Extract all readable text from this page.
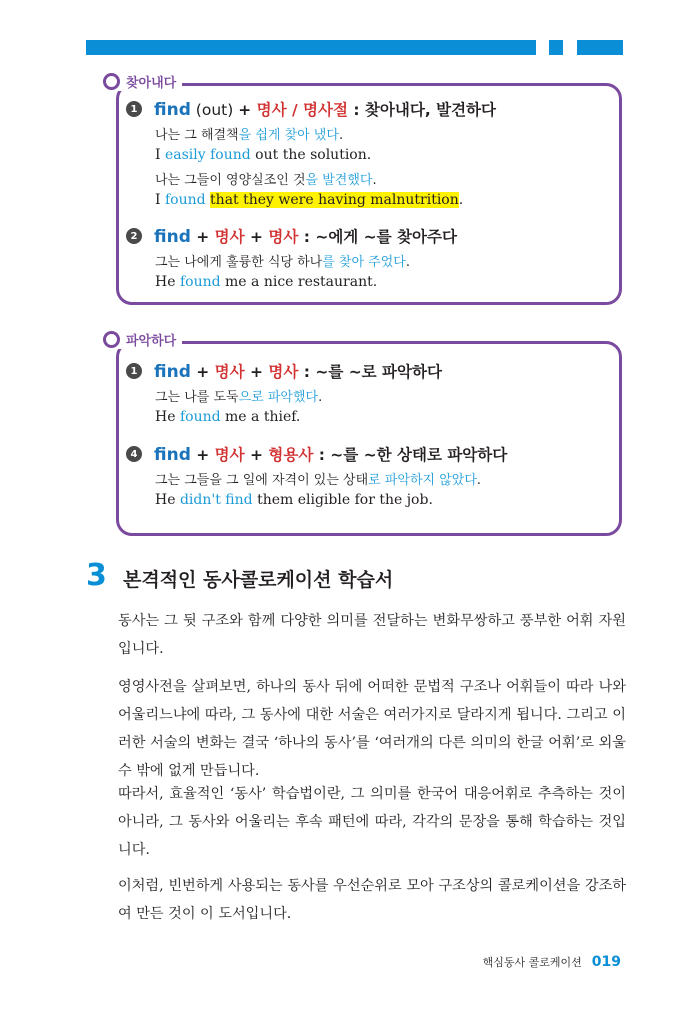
찾아내다
1 find (out) + 명사 / 명사절 : 찾아내다, 발견하다
나는 그 해결책을 쉽게 찾아 냈다.
I easily found out the solution.
나는 그들이 영양실조인 것을 발견했다.
I found that they were having malnutrition.
2 find + 명사 + 명사 : ~에게 ~를 찾아주다
그는 나에게 훌륭한 식당 하나를 찾아 주었다.
He found me a nice restaurant.
파악하다
1 find + 명사 + 명사 : ~를 ~로 파악하다
그는 나를 도둑으로 파악했다.
He found me a thief.
4 find + 명사 + 형용사 : ~를 ~한 상태로 파악하다
그는 그들을 그 일에 자격이 있는 상태로 파악하지 않았다.
He didn't find them eligible for the job.
3 본격적인 동사콜로케이션 학습서

동사는 그 뒷 구조와 함께 다양한 의미를 전달하는 변화무쌍하고 풍부한 어휘 자원입니다.

영영사전을 살펴보면, 하나의 동사 뒤에 어떠한 문법적 구조나 어휘들이 따라 나와 어울리느냐에 따라, 그 동사에 대한 서술은 여러가지로 달라지게 됩니다. 그리고 이러한 서술의 변화는 결국 ‘하나의 동사’를 ‘여러개의 다른 의미의 한글 어휘’로 외울 수 밖에 없게 만듭니다.

따라서, 효율적인 ‘동사’ 학습법이란, 그 의미를 한국어 대응어휘로 추측하는 것이 아니라, 그 동사와 어울리는 후속 패턴에 따라, 각각의 문장을 통해 학습하는 것입니다.

이처럼, 빈번하게 사용되는 동사를 우선순위로 모아 구조상의 콜로케이션을 강조하여 만든 것이 이 도서입니다.

핵심동사 콜로케이션 019
